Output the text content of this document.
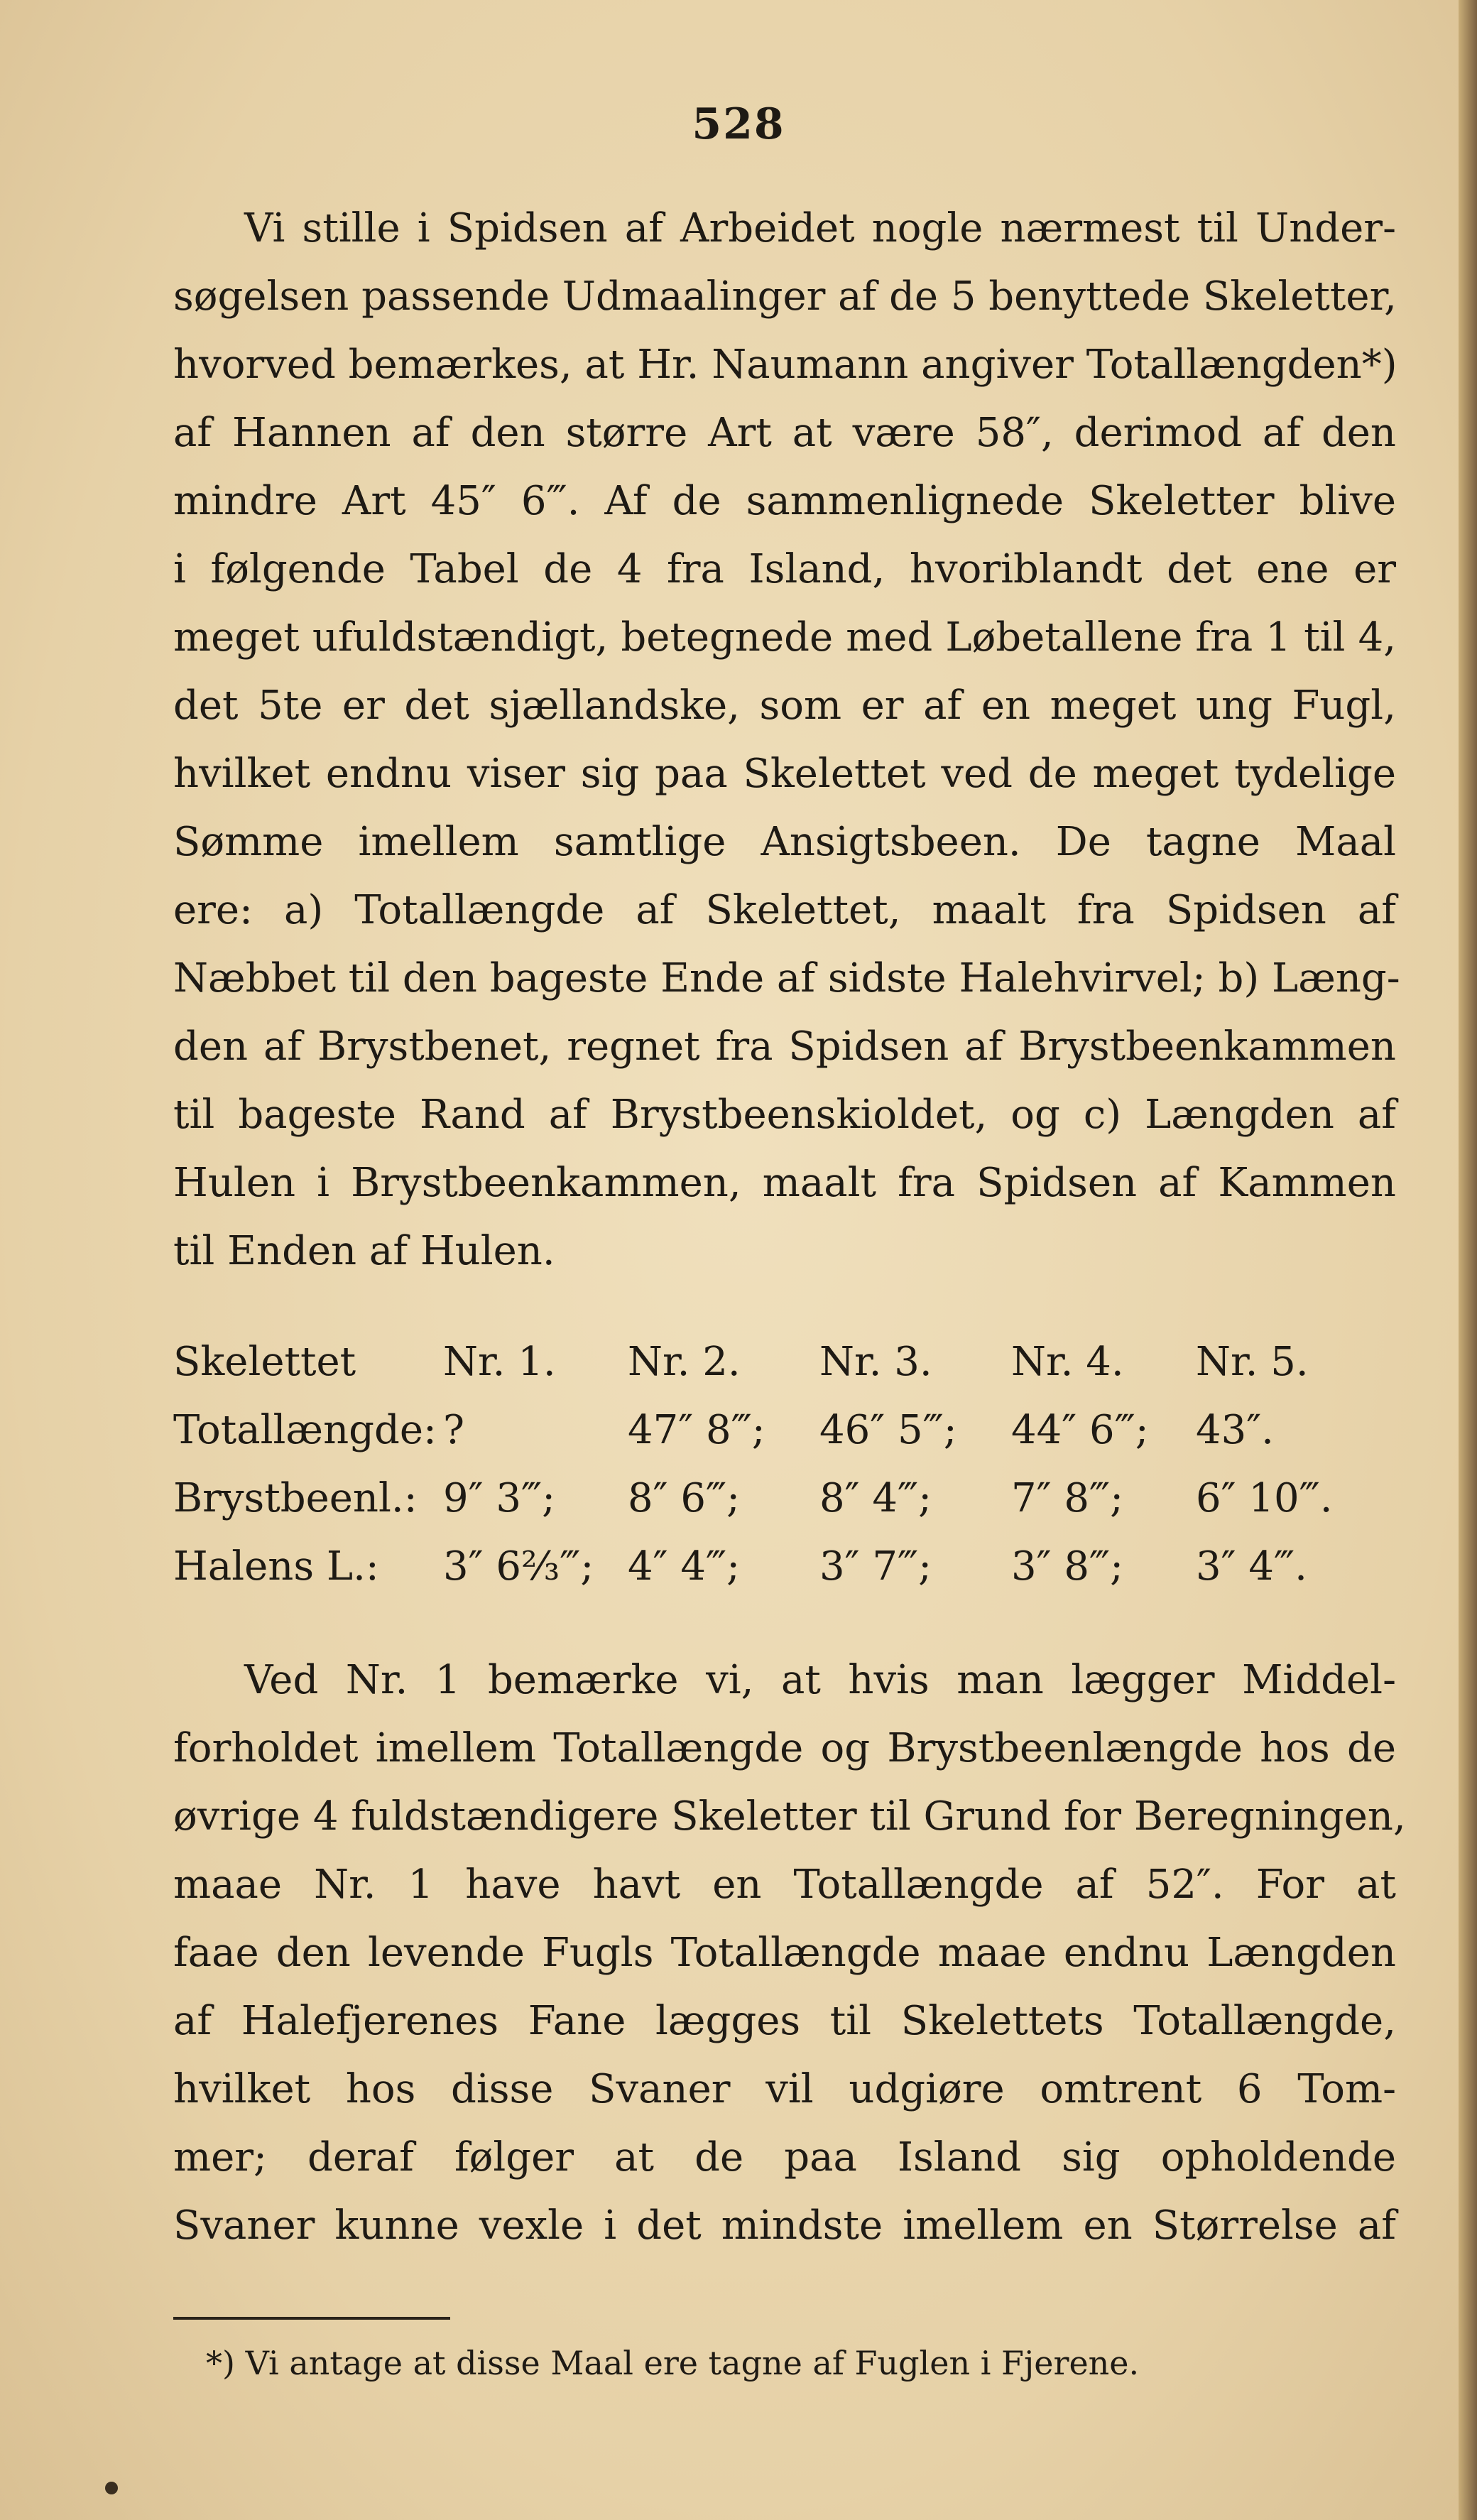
528
Vi stille i Spidsen af Arbeidet nogle nærmest til Under-
søgelsen passende Udmaalinger af de 5 benyttede Skeletter,
hvorved bemærkes, at Hr. Naumann angiver Totallængden*)
af Hannen af den større Art at være 58″, derimod af den
mindre Art 45″ 6‴. Af de sammenlignede Skeletter blive
i følgende Tabel de 4 fra Island, hvoriblandt det ene er
meget ufuldstændigt, betegnede med Løbetallene fra 1 til 4,
det 5te er det sjællandske, som er af en meget ung Fugl,
hvilket endnu viser sig paa Skelettet ved de meget tydelige
Sømme imellem samtlige Ansigtsbeen. De tagne Maal
ere: a) Totallængde af Skelettet, maalt fra Spidsen af
Næbbet til den bageste Ende af sidste Halehvirvel; b) Læng-
den af Brystbenet, regnet fra Spidsen af Brystbeenkammen
til bageste Rand af Brystbeenskioldet, og c) Længden af
Hulen i Brystbeenkammen, maalt fra Spidsen af Kammen
til Enden af Hulen.
Skelettet	Nr. 1.	Nr. 2.	Nr. 3.	Nr. 4.	Nr. 5.
Totallængde: ?	47″ 8‴;	46″ 5‴;	44″ 6‴;	43″.
Brystbeenl.: 9″ 3‴;	8″ 6‴;	8″ 4‴;	7″ 8‴;	6″ 10‴.
Halens L.:	3″ 6⅔‴; 4″ 4‴;	3″ 7‴;	3″ 8‴;	3″ 4‴.
Ved Nr. 1 bemærke vi, at hvis man lægger Middel-
forholdet imellem Totallængde og Brystbeenlængde hos de
øvrige 4 fuldstændigere Skeletter til Grund for Beregningen,
maae Nr. 1 have havt en Totallængde af 52″. For at
faae den levende Fugls Totallængde maae endnu Længden
af Halefjerenes Fane lægges til Skelettets Totallængde,
hvilket hos disse Svaner vil udgiøre omtrent 6 Tom-
mer; deraf følger at de paa Island sig opholdende
Svaner kunne vexle i det mindste imellem en Størrelse af
*) Vi antage at disse Maal ere tagne af Fuglen i Fjerene.
